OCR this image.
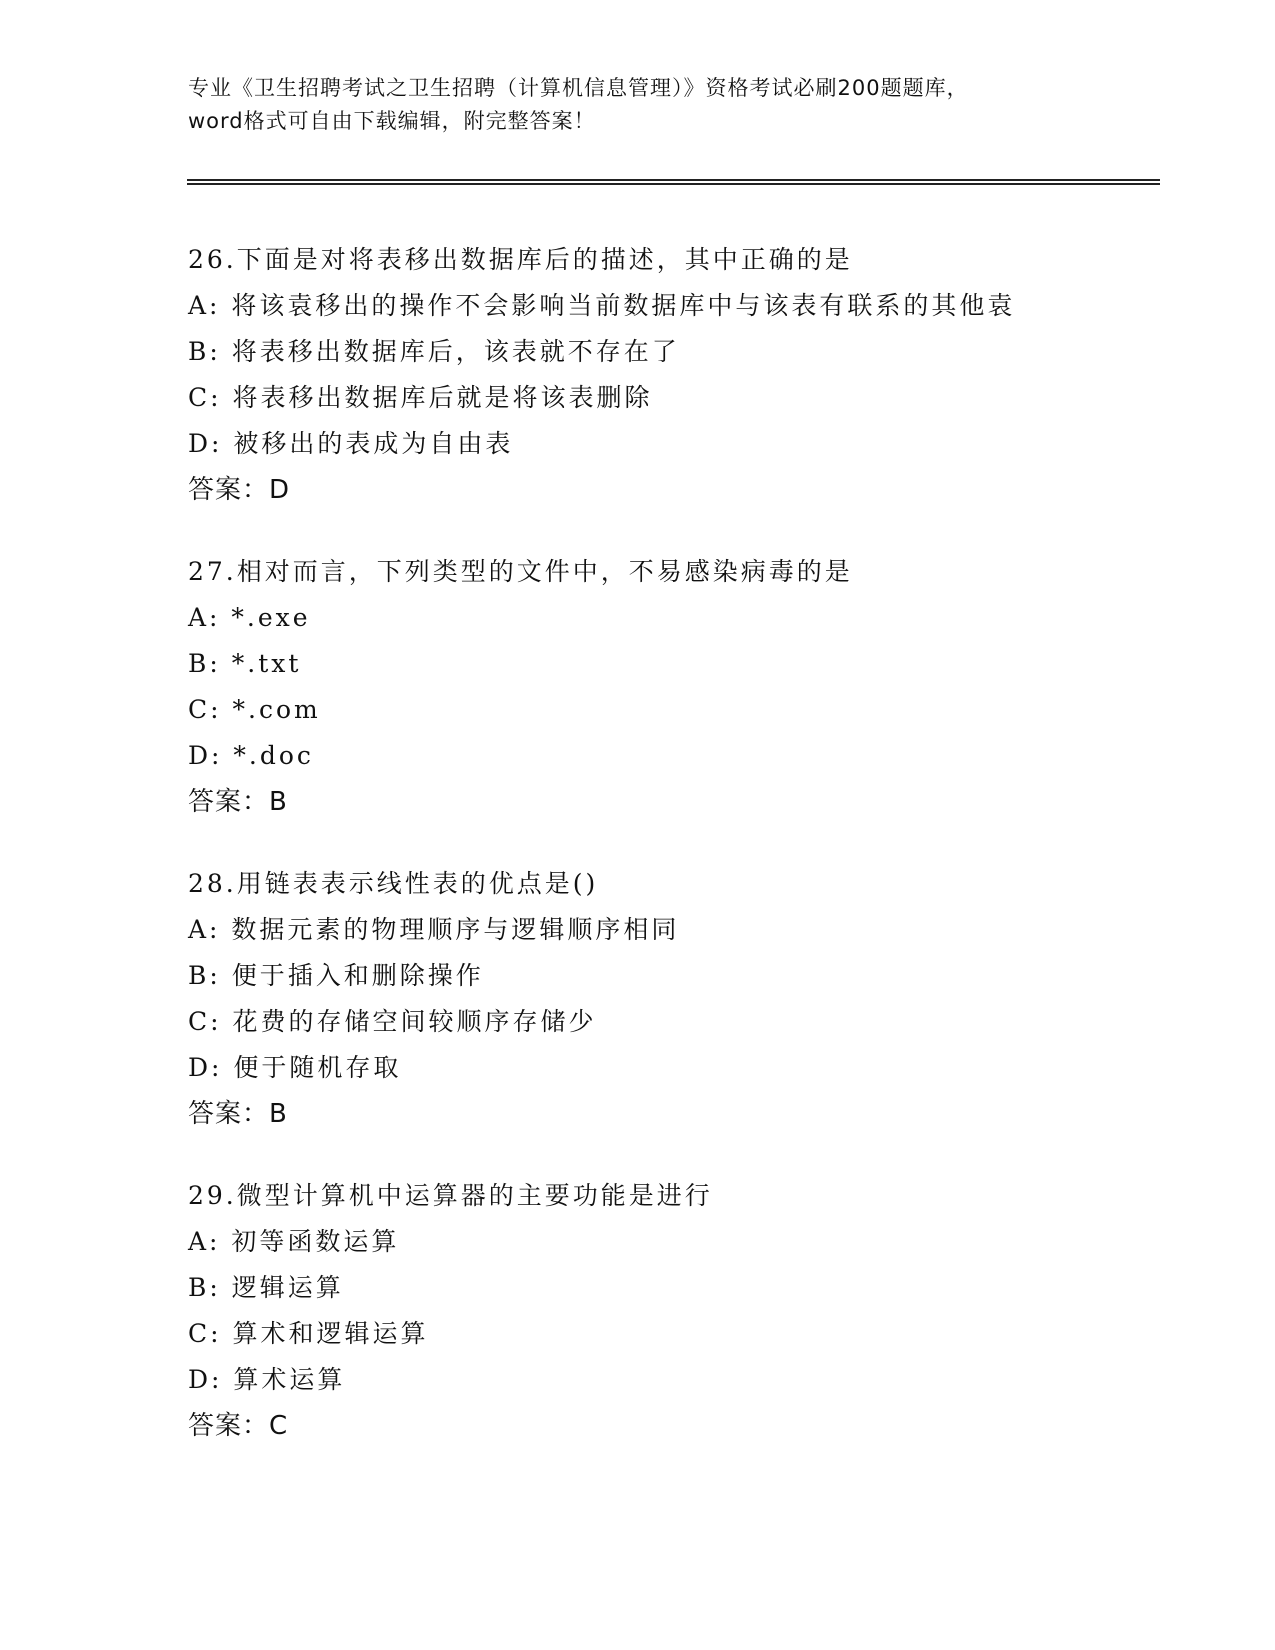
专业《卫生招聘考试之卫生招聘（计算机信息管理）》资格考试必刷200题题库，
word格式可自由下载编辑，附完整答案！
26.下面是对将表移出数据库后的描述，其中正确的是
A: 将该袁移出的操作不会影响当前数据库中与该表有联系的其他袁
B: 将表移出数据库后，该表就不存在了
C: 将表移出数据库后就是将该表删除
D: 被移出的表成为自由表
答案：D
27.相对而言，下列类型的文件中，不易感染病毒的是
A: *.exe
B: *.txt
C: *.com
D: *.doc
答案：B
28.用链表表示线性表的优点是()
A: 数据元素的物理顺序与逻辑顺序相同
B: 便于插入和删除操作
C: 花费的存储空间较顺序存储少
D: 便于随机存取
答案：B
29.微型计算机中运算器的主要功能是进行
A: 初等函数运算
B: 逻辑运算
C: 算术和逻辑运算
D: 算术运算
答案：C
